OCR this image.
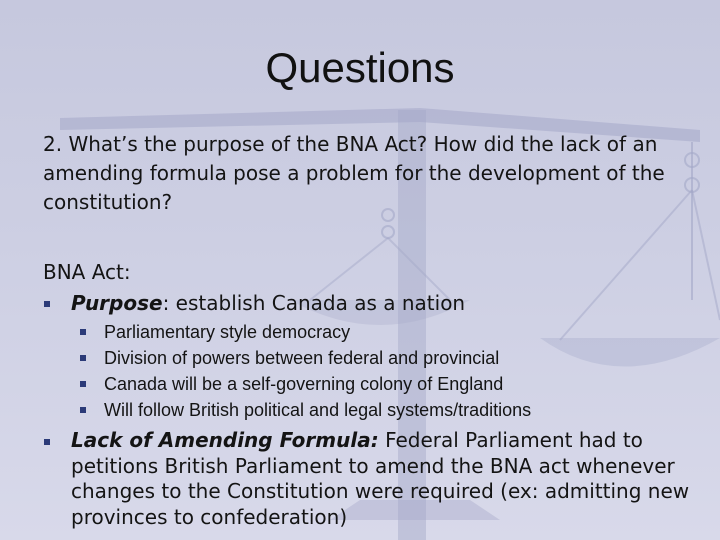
Questions
2. What’s the purpose of the BNA Act? How did the lack of an amending formula pose a problem for the development of the constitution?
BNA Act:
Purpose: establish Canada as a nation
Parliamentary style democracy
Division of powers between federal and provincial
Canada will be a self-governing colony of England
Will follow British political and legal systems/traditions
Lack of Amending Formula: Federal Parliament had to petitions British Parliament to amend the BNA act whenever changes to the Constitution were required (ex: admitting new provinces to confederation)
